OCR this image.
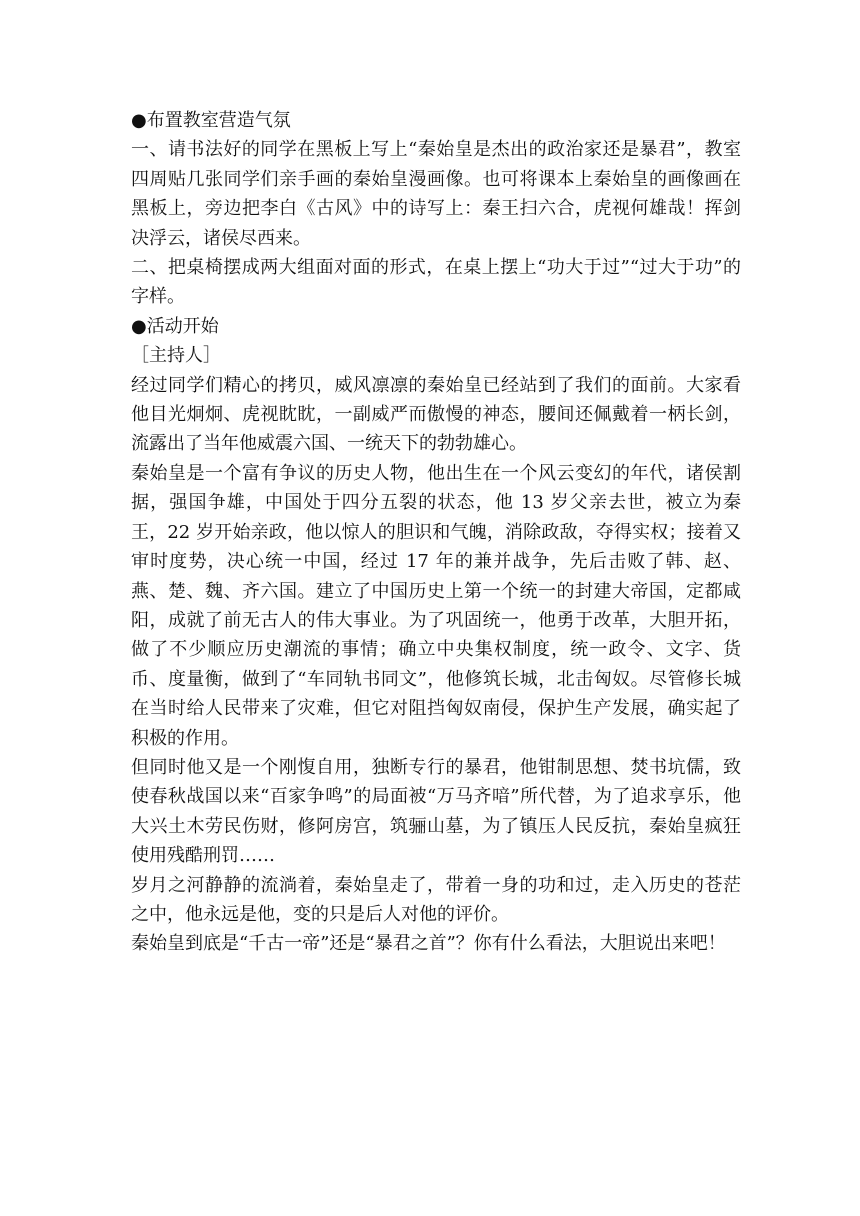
●布置教室营造气氛

一、请书法好的同学在黑板上写上“秦始皇是杰出的政治家还是暴君”，教室四周贴几张同学们亲手画的秦始皇漫画像。也可将课本上秦始皇的画像画在黑板上，旁边把李白《古风》中的诗写上：秦王扫六合，虎视何雄哉！挥剑决浮云，诸侯尽西来。

二、把桌椅摆成两大组面对面的形式，在桌上摆上“功大于过”“过大于功”的字样。

●活动开始

［主持人］

经过同学们精心的拷贝，威风凛凛的秦始皇已经站到了我们的面前。大家看他目光炯炯、虎视眈眈，一副威严而傲慢的神态，腰间还佩戴着一柄长剑，流露出了当年他威震六国、一统天下的勃勃雄心。

秦始皇是一个富有争议的历史人物，他出生在一个风云变幻的年代，诸侯割据，强国争雄，中国处于四分五裂的状态，他 13 岁父亲去世，被立为秦王，22 岁开始亲政，他以惊人的胆识和气魄，消除政敌，夺得实权；接着又审时度势，决心统一中国，经过 17 年的兼并战争，先后击败了韩、赵、燕、楚、魏、齐六国。建立了中国历史上第一个统一的封建大帝国，定都咸阳，成就了前无古人的伟大事业。为了巩固统一，他勇于改革，大胆开拓，做了不少顺应历史潮流的事情；确立中央集权制度，统一政令、文字、货币、度量衡，做到了“车同轨书同文”，他修筑长城，北击匈奴。尽管修长城在当时给人民带来了灾难，但它对阻挡匈奴南侵，保护生产发展，确实起了积极的作用。

但同时他又是一个刚愎自用，独断专行的暴君，他钳制思想、焚书坑儒，致使春秋战国以来“百家争鸣”的局面被“万马齐喑”所代替，为了追求享乐，他大兴土木劳民伤财，修阿房宫，筑骊山墓，为了镇压人民反抗，秦始皇疯狂使用残酷刑罚……

岁月之河静静的流淌着，秦始皇走了，带着一身的功和过，走入历史的苍茫之中，他永远是他，变的只是后人对他的评价。

秦始皇到底是“千古一帝”还是“暴君之首”？你有什么看法，大胆说出来吧！
